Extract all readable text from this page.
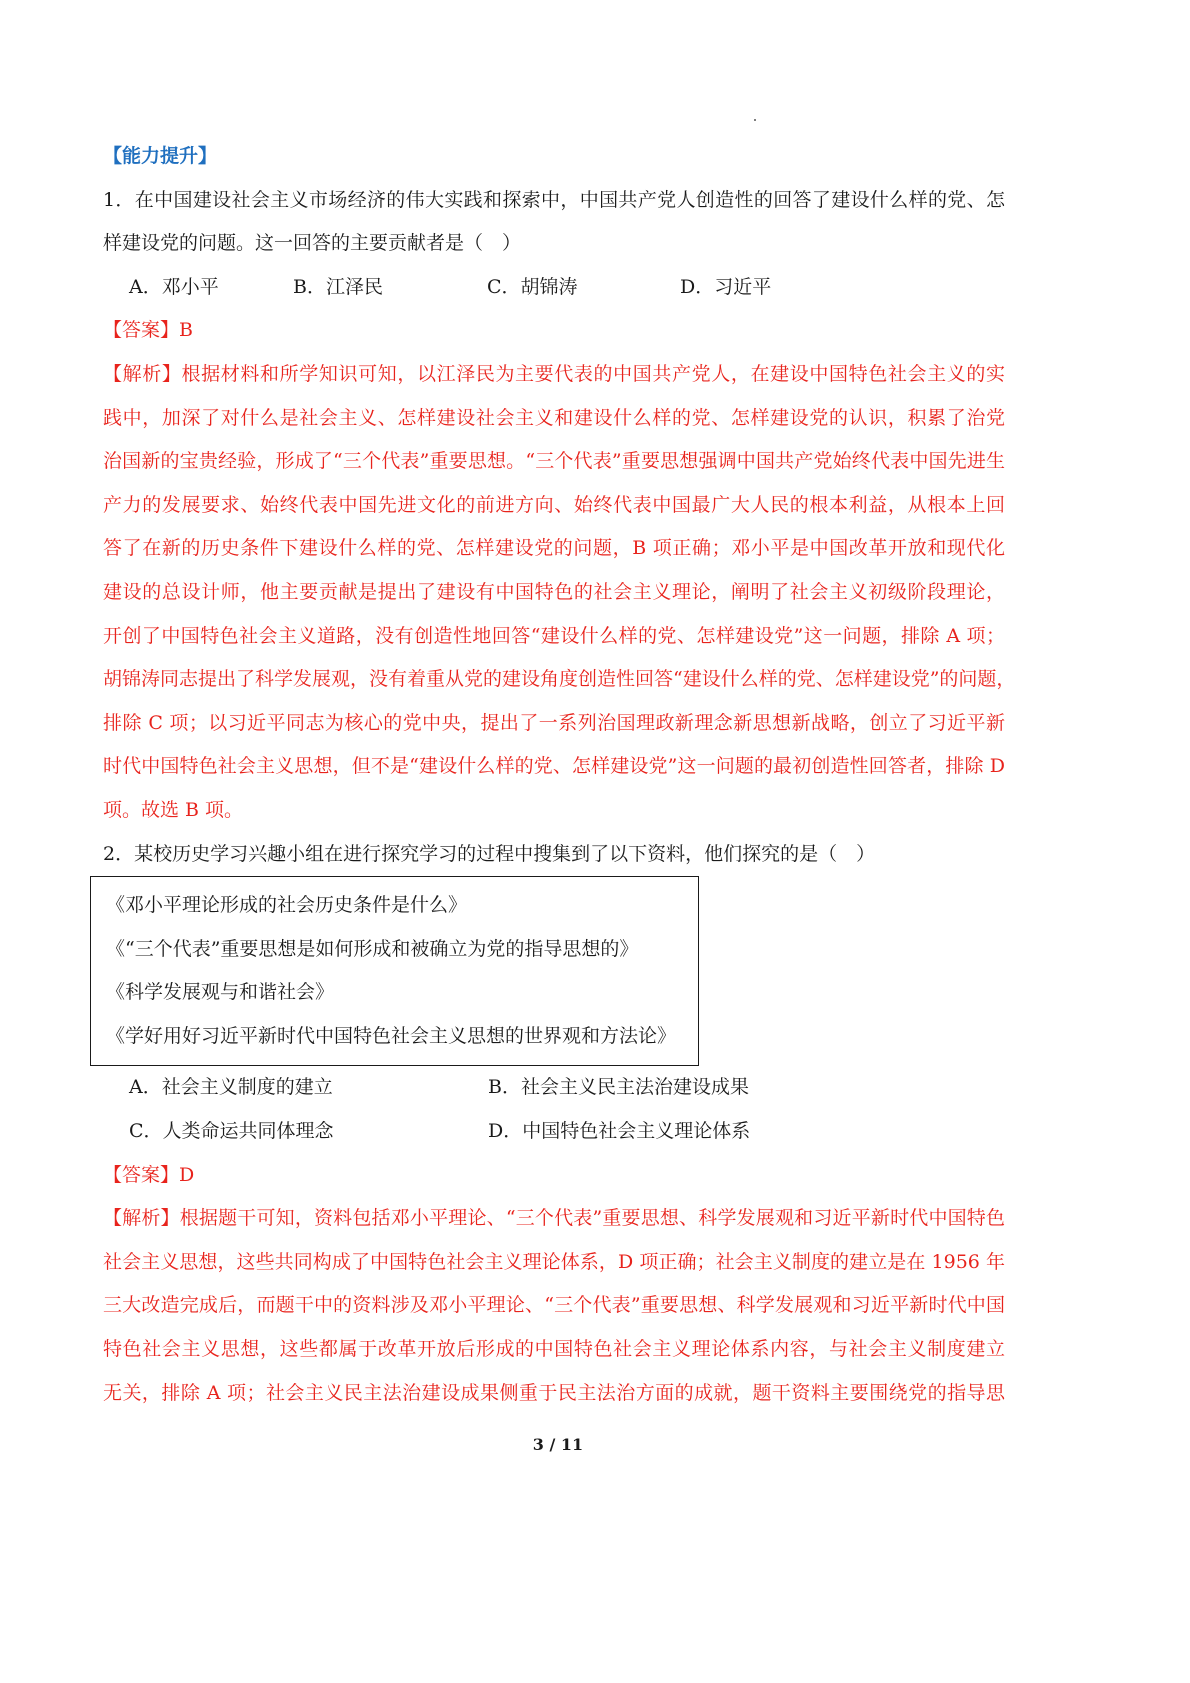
【能力提升】
1．在中国建设社会主义市场经济的伟大实践和探索中，中国共产党人创造性的回答了建设什么样的党、怎
样建设党的问题。这一回答的主要贡献者是（　）
A．邓小平	B．江泽民	C．胡锦涛	D．习近平
【答案】B
【解析】根据材料和所学知识可知，以江泽民为主要代表的中国共产党人，在建设中国特色社会主义的实
践中，加深了对什么是社会主义、怎样建设社会主义和建设什么样的党、怎样建设党的认识，积累了治党
治国新的宝贵经验，形成了“三个代表”重要思想。“三个代表”重要思想强调中国共产党始终代表中国先进生
产力的发展要求、始终代表中国先进文化的前进方向、始终代表中国最广大人民的根本利益，从根本上回
答了在新的历史条件下建设什么样的党、怎样建设党的问题，B 项正确；邓小平是中国改革开放和现代化
建设的总设计师，他主要贡献是提出了建设有中国特色的社会主义理论，阐明了社会主义初级阶段理论，
开创了中国特色社会主义道路，没有创造性地回答“建设什么样的党、怎样建设党”这一问题，排除 A 项；
胡锦涛同志提出了科学发展观，没有着重从党的建设角度创造性回答“建设什么样的党、怎样建设党”的问题，
排除 C 项；以习近平同志为核心的党中央，提出了一系列治国理政新理念新思想新战略，创立了习近平新
时代中国特色社会主义思想，但不是“建设什么样的党、怎样建设党”这一问题的最初创造性回答者，排除 D
项。故选 B 项。
2．某校历史学习兴趣小组在进行探究学习的过程中搜集到了以下资料，他们探究的是（　）
《邓小平理论形成的社会历史条件是什么》
《“三个代表”重要思想是如何形成和被确立为党的指导思想的》
《科学发展观与和谐社会》
《学好用好习近平新时代中国特色社会主义思想的世界观和方法论》
A．社会主义制度的建立	B．社会主义民主法治建设成果
C．人类命运共同体理念	D．中国特色社会主义理论体系
【答案】D
【解析】根据题干可知，资料包括邓小平理论、“三个代表”重要思想、科学发展观和习近平新时代中国特色
社会主义思想，这些共同构成了中国特色社会主义理论体系，D 项正确；社会主义制度的建立是在 1956 年
三大改造完成后，而题干中的资料涉及邓小平理论、“三个代表”重要思想、科学发展观和习近平新时代中国
特色社会主义思想，这些都属于改革开放后形成的中国特色社会主义理论体系内容，与社会主义制度建立
无关，排除 A 项；社会主义民主法治建设成果侧重于民主法治方面的成就，题干资料主要围绕党的指导思
3 / 11
